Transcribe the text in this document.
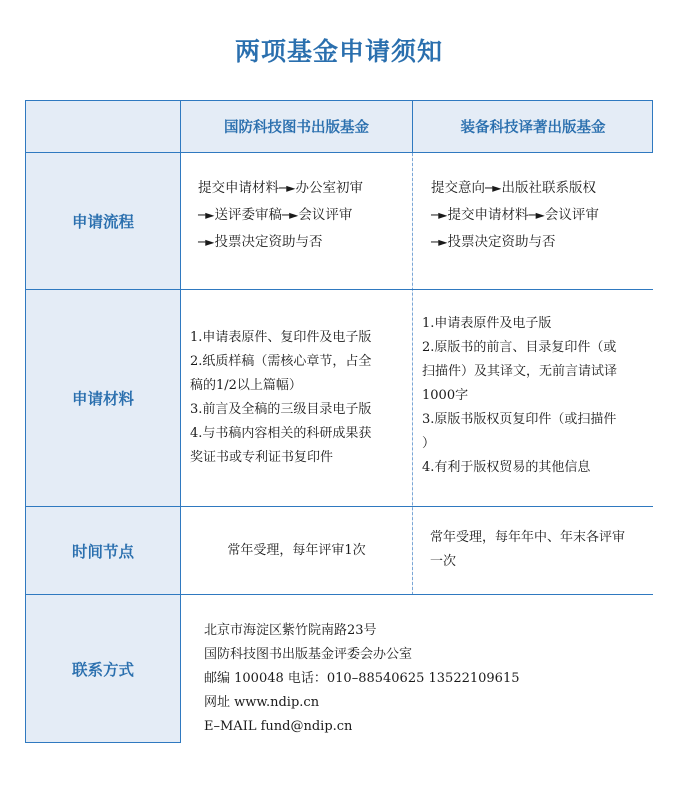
两项基金申请须知
国防科技图书出版基金	装备科技译著出版基金
申请流程
申请材料
时间节点
联系方式
提交申请材料─►办公室初审
─►送评委审稿─►会议评审
─►投票决定资助与否
提交意向─►出版社联系版权
─►提交申请材料─►会议评审
─►投票决定资助与否
1.申请表原件、复印件及电子版
2.纸质样稿（需核心章节，占全
稿的1/2以上篇幅）
3.前言及全稿的三级目录电子版
4.与书稿内容相关的科研成果获
奖证书或专利证书复印件
1.申请表原件及电子版
2.原版书的前言、目录复印件（或
扫描件）及其译文，无前言请试译
1000字
3.原版书版权页复印件（或扫描件
）
4.有利于版权贸易的其他信息
常年受理，每年评审1次
常年受理，每年年中、年末各评审
一次
北京市海淀区紫竹院南路23号
国防科技图书出版基金评委会办公室
邮编 100048 电话：010–88540625 13522109615
网址 www.ndip.cn
E–MAIL fund@ndip.cn
